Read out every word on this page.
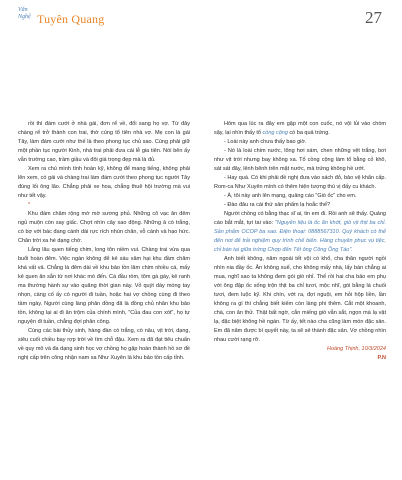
Văn Nghệ Tuyên Quang	27

rồi thì đám cưới ở nhà gái, đơn rể về, đổi sang họ vợ. Từ đây chàng rể trở thành con trai, thờ cúng tổ tiên nhà vợ. Mẹ con là gái Tây, làm đám cưới như thế là theo phong tục chủ sao. Cùng phải giữ một phần tục người Kinh, nhà trai phải đưa cái lễ gia tiên. Nói bên ấy vẫn trường cao, trầm giầu và đôi giá trọng đẹp mà là đủ.

Xem ra chú mình tính hoàn kỹ, không để mang tiếng, không phải lên xem, có gái và chàng trai làm đám cưới theo phong tục người Tây đúng lối ông lão. Chẳng phải xe hoa, chẳng thuê hội trường mà vui như tết vậy.

*

Khu đám chăm rộng mờ mờ sương phủ. Những cô vạc ăn đêm ngủ muộn còn say giấc. Chợt nhìn cây xao động. Những ả cò trắng, cò bợ với bác đang cánh dài rực rích nhún chân, vỗ cánh và hạo hức. Chân trời xa hé dạng chớ.

Lắng lâu quen tiếng chim, long tôn niềm vui. Chàng trai vừa qua buổi hoàn đêm. Việc ngàn không để kẻ sáu xâm hại khu đầm chăm khá vất vả. Chẳng là đêm dài về khu bảo tồn lâm chim nhiều cá, mấy kẻ quen ăn sẵn từ nơi khác mò đến. Cá đầu ròm, tôm gà gáy, kẻ ranh ma thường hành sự vào quãng thời gian này. Vỏ quýt dày móng tay nhọn, càng cố ấy có người đi tuần, hoặc hai vợ chồng cùng đi theo tầm ngày. Người cùng làng phân đồng đã là đồng chủ nhân khu bảo tồn, không lại ai đi ăn trộm của chính mình, "Của đau con xót", họ tự nguyện đi tuần, chẳng đợi phân công.

Cùng các bài thủy sinh, hàng đàn cò trắng, cò nâu, vịt trời, dạng, siêu cuối chiều bay rợp trời về tìm chỗ đậu. Xem ra đã đạt tiêu chuẩn về quy mô và đa dạng sinh học vợ chồng họ gặp hoàn thành hồ sơ đề nghị cấp trên công nhận nam sa Như Xuyên là khu bảo tồn cấp tỉnh.

Hôm qua lúc ra đây em gặp một con cuốc, nó vội lủi vào chòm sậy, lại nhìn thấy tổ cồng cộng có ba quả trứng.

- Loài này anh chưa thấy bao giờ.

- Nó là loài chim nước, lông hơi xám, chen những vệt trắng, bơi như vịt trời nhưng bay không xa. Tổ cồng cộng làm tổ bằng cỏ khô, sát sát đây, lênh bênh trên mặt nước, mà trứng không hề ướt.

- Hay quá. Có khi phải đề nghị đưa vào sách đỏ, bảo vệ khẩn cấp. Rom-ca Như Xuyên mình có thêm hiện tượng thú vị đấy cu khách.

- À, tôi này anh lên mạng, quảng cáo "Giò ốc" cho em.

- Đào đâu ra cái thứ sản phẩm lạ hoắc thế?

Người chồng có bằng thạc sĩ ai, tin em đi. Rồi anh sẽ thấy. Quảng cáo bắt mắt, tựi tai vào: "Nguyên liệu là ốc ăn khớt, giò vịt thịt ba chỉ. Sản phẩm OCOP ba sao. Điện thoại: 0888567310. Quý khách có thể đến nơi để trải nghiệm quy trình chế biến. Hàng chuyên phục vụ tiệc, chỉ bán tại giữa trứng Chợp đến Tết ông Công Ông Táo".

Anh biết không, năm ngoái tết vội có khổ, cha thân người ngồi nhìn nia đầy ốc. Ăn không xuể, cho không mấy nhà, lấy bán chẳng ai mua, nghĩ sao ta không đem gói giò nhỉ. Thế rồi hai cha bảo em phụ với ông đập ốc sống trộn thịt ba chỉ tươi, mộc nhĩ, gói bằng lá chuối tươi, đem luộc kỹ. Khi chín, vớt ra, đợi nguội, em hỏi hộp liền, lần không ra gì thì chẳng biết kiếm còn làng phi thêm. Cắt một khoanh, chà, con ăn thử. Thật bất ngờ, cắn miếng giò vẫn sắt, ngọn mà lạ vật lạ, đặc biệt không hề ngán. Từ ấy, tết nào cha cũng làm món đặc sản. Em đã năm được bí quyết này, ta sẽ sẻ thành đặc sản. Vợ chồng nhìn nhau cười rạng rỡ.

Hoàng Thịnh, 10/3/2024

P.N
